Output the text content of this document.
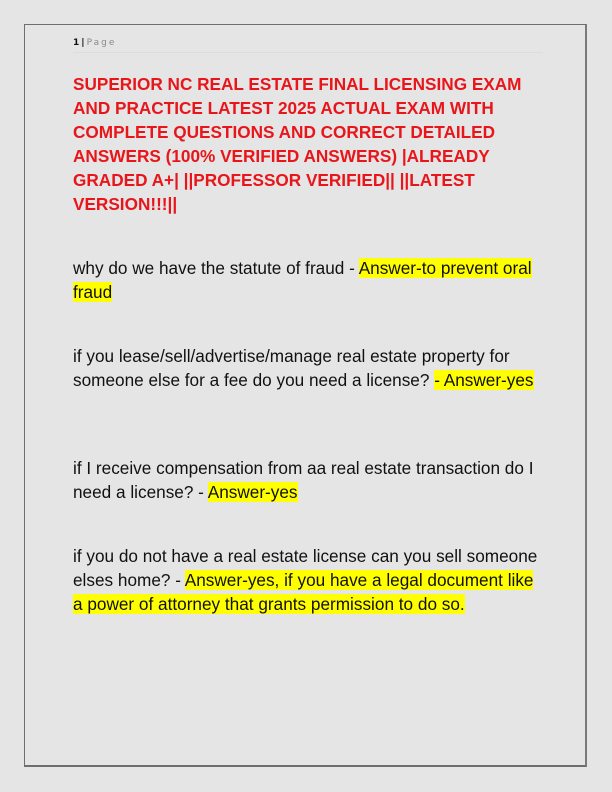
1 | Page
SUPERIOR NC REAL ESTATE FINAL LICENSING EXAM AND PRACTICE LATEST 2025 ACTUAL EXAM WITH COMPLETE QUESTIONS AND CORRECT DETAILED ANSWERS (100% VERIFIED ANSWERS) |ALREADY GRADED A+| ||PROFESSOR VERIFIED|| ||LATEST VERSION!!!||

why do we have the statute of fraud - Answer-to prevent oral fraud

if you lease/sell/advertise/manage real estate property for someone else for a fee do you need a license? - Answer-yes

if I receive compensation from aa real estate transaction do I need a license? - Answer-yes

if you do not have a real estate license can you sell someone elses home? - Answer-yes, if you have a legal document like a power of attorney that grants permission to do so.
